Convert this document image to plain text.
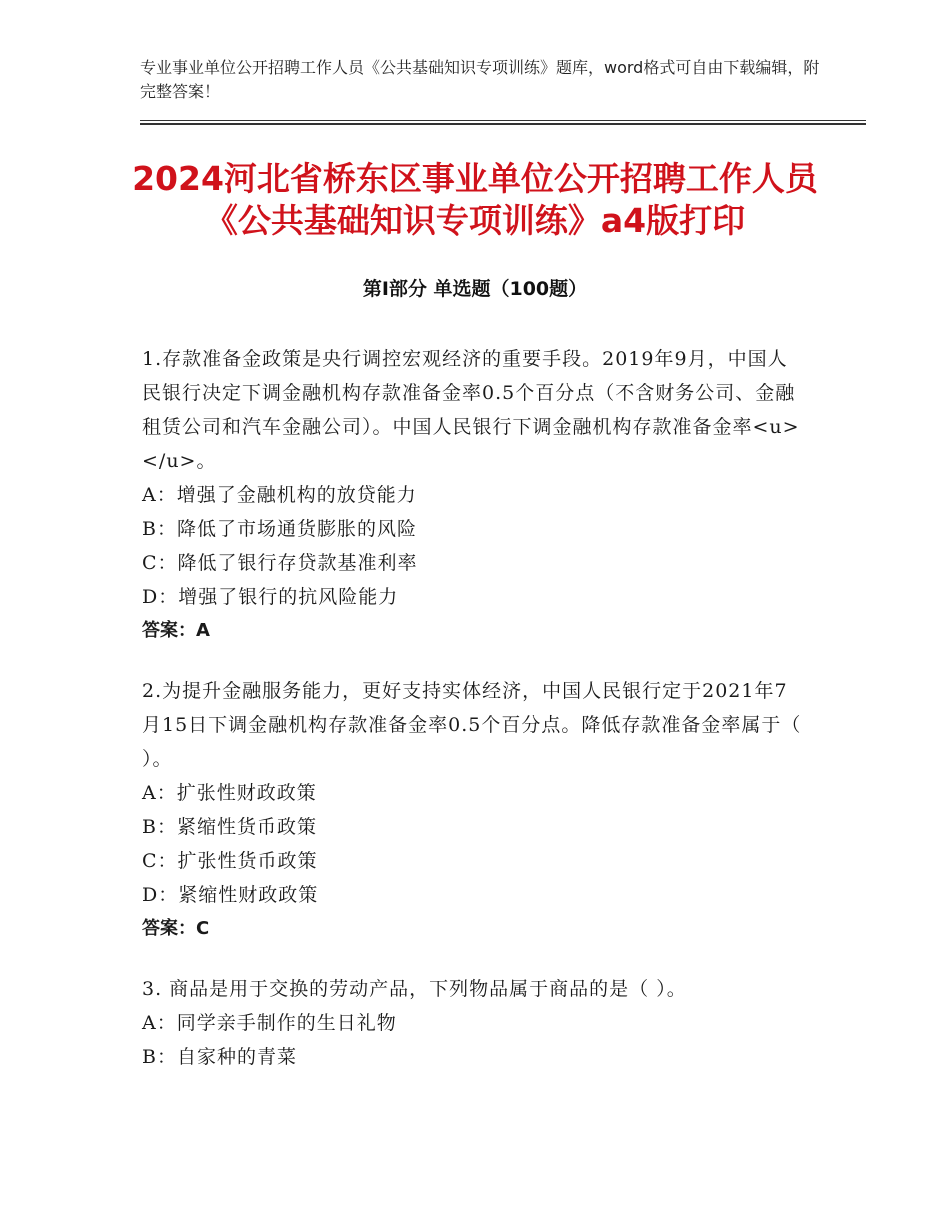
专业事业单位公开招聘工作人员《公共基础知识专项训练》题库，word格式可自由下载编辑，附完整答案！
2024河北省桥东区事业单位公开招聘工作人员《公共基础知识专项训练》a4版打印
第Ⅰ部分 单选题（100题）

1.存款准备金政策是央行调控宏观经济的重要手段。2019年9月，中国人民银行决定下调金融机构存款准备金率0.5个百分点（不含财务公司、金融租赁公司和汽车金融公司）。中国人民银行下调金融机构存款准备金率<u> </u>。

A：增强了金融机构的放贷能力

B：降低了市场通货膨胀的风险

C：降低了银行存贷款基准利率

D：增强了银行的抗风险能力

答案：A

2.为提升金融服务能力，更好支持实体经济，中国人民银行定于2021年7月15日下调金融机构存款准备金率0.5个百分点。降低存款准备金率属于（ ）。

A：扩张性财政政策

B：紧缩性货币政策

C：扩张性货币政策

D：紧缩性财政政策

答案：C

3. 商品是用于交换的劳动产品，下列物品属于商品的是（ ）。

A：同学亲手制作的生日礼物

B：自家种的青菜
